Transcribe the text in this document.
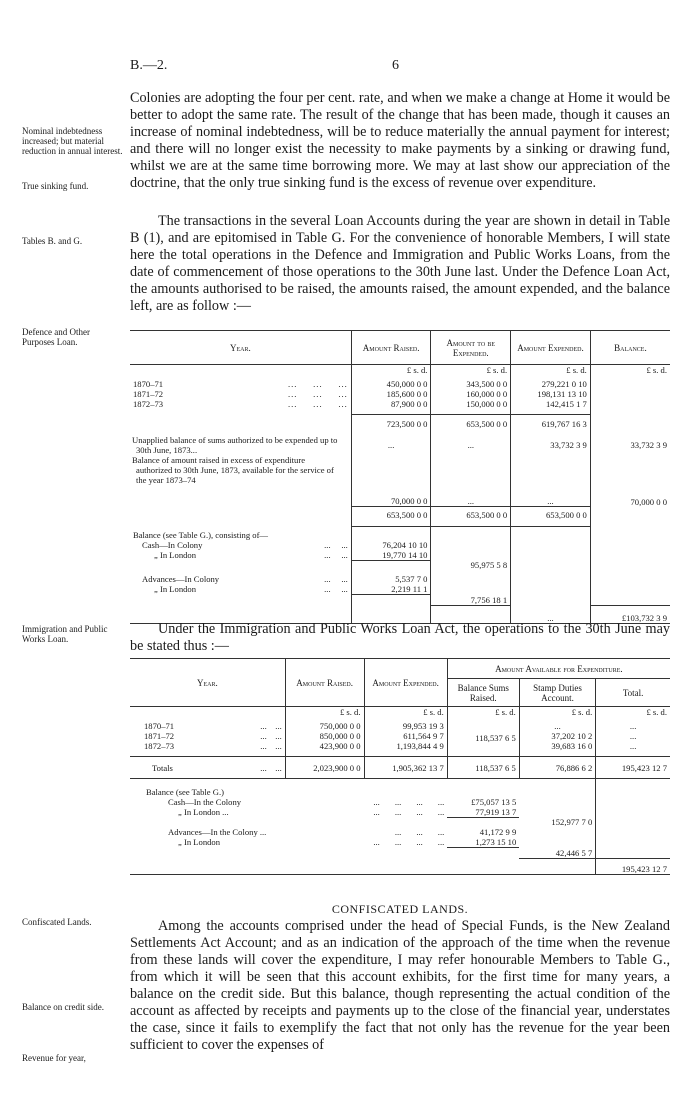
B.—2.	6
Nominal indebtedness increased; but material reduction in annual interest.
True sinking fund.
Tables B. and G.
Defence and Other Purposes Loan.
Immigration and Public Works Loan.
Confiscated Lands.
Balance on credit side.
Revenue for year,

Colonies are adopting the four per cent. rate, and when we make a change at Home it would be better to adopt the same rate. The result of the change that has been made, though it causes an increase of nominal indebtedness, will be to reduce materially the annual payment for interest; and there will no longer exist the necessity to make payments by a sinking or drawing fund, whilst we are at the same time borrowing more. We may at last show our appreciation of the doctrine, that the only true sinking fund is the excess of revenue over expenditure.

The transactions in the several Loan Accounts during the year are shown in detail in Table B (1), and are epitomised in Table G. For the convenience of honorable Members, I will state here the total operations in the Defence and Immigration and Public Works Loans, from the date of commencement of those operations to the 30th June last. Under the Defence Loan Act, the amounts authorised to be raised, the amounts raised, the amount expended, and the balance left, are as follow :—

Year.	Amount Raised.	Amount to be Expended.	Amount Expended.	Balance.
	£ s. d.	£ s. d.	£ s. d.	£ s. d.
1870–71 ...     ...     ...	450,000 0 0	343,500 0 0	279,221 0 10	
1871–72 ...     ...     ...	185,600 0 0	160,000 0 0	198,131 13 10	
1872–73 ...     ...     ...	87,900 0 0	150,000 0 0	142,415 1 7	
	723,500 0 0	653,500 0 0	619,767 16 3	
Unapplied balance of sums authorized to be expended up to 30th June, 1873...	...	...	33,732 3 9	33,732 3 9
Balance of amount raised in excess of expenditure authorized to 30th June, 1873, available for the service of the year 1873–74	70,000 0 0	...	...	70,000 0 0
	653,500 0 0	653,500 0 0	653,500 0 0	
Balance (see Table G.), consisting of—				
Cash—In Colony ...     ...	76,204 10 10			
„ In London ...     ...	19,770 14 10			
		95,975 5 8		
Advances—In Colony ...     ...	5,537 7 0			
„ In London ...     ...	2,219 11 1			
		7,756 18 1		
			...	£103,732 3 9

Under the Immigration and Public Works Loan Act, the operations to the 30th June may be stated thus :—

Year.	Amount Raised.	Amount Expended.	Amount Available for Expenditure.		
			Balance Sums Raised.	Stamp Duties Account.	Total.
	£ s. d.	£ s. d.	£ s. d.	£ s. d.	£ s. d.
1870–71 ...    ...	750,000 0 0	99,953 19 3	118,537 6 5	...	...
1871–72 ...    ...	850,000 0 0	611,564 9 7		37,202 10 2	...
1872–73 ...    ...	423,900 0 0	1,193,844 4 9		39,683 16 0	...
Totals ...    ...	2,023,900 0 0	1,905,362 13 7	118,537 6 5	76,886 6 2	195,423 12 7

Balance (see Table G.)					
Cash—In the Colony ...       ...       ...       ...			£75,057 13 5		
„ In London ... ...       ...       ...       ...			77,919 13 7		
				152,977 7 0	
Advances—In the Colony ... ...       ...       ...			41,172 9 9		
„ In London ...       ...       ...       ...			1,273 15 10		
				42,446 5 7	
					195,423 12 7
CONFISCATED LANDS.

Among the accounts comprised under the head of Special Funds, is the New Zealand Settlements Act Account; and as an indication of the approach of the time when the revenue from these lands will cover the expenditure, I may refer honourable Members to Table G., from which it will be seen that this account exhibits, for the first time for many years, a balance on the credit side. But this balance, though representing the actual condition of the account as affected by receipts and payments up to the close of the financial year, understates the case, since it fails to exemplify the fact that not only has the revenue for the year been sufficient to cover the expenses of
